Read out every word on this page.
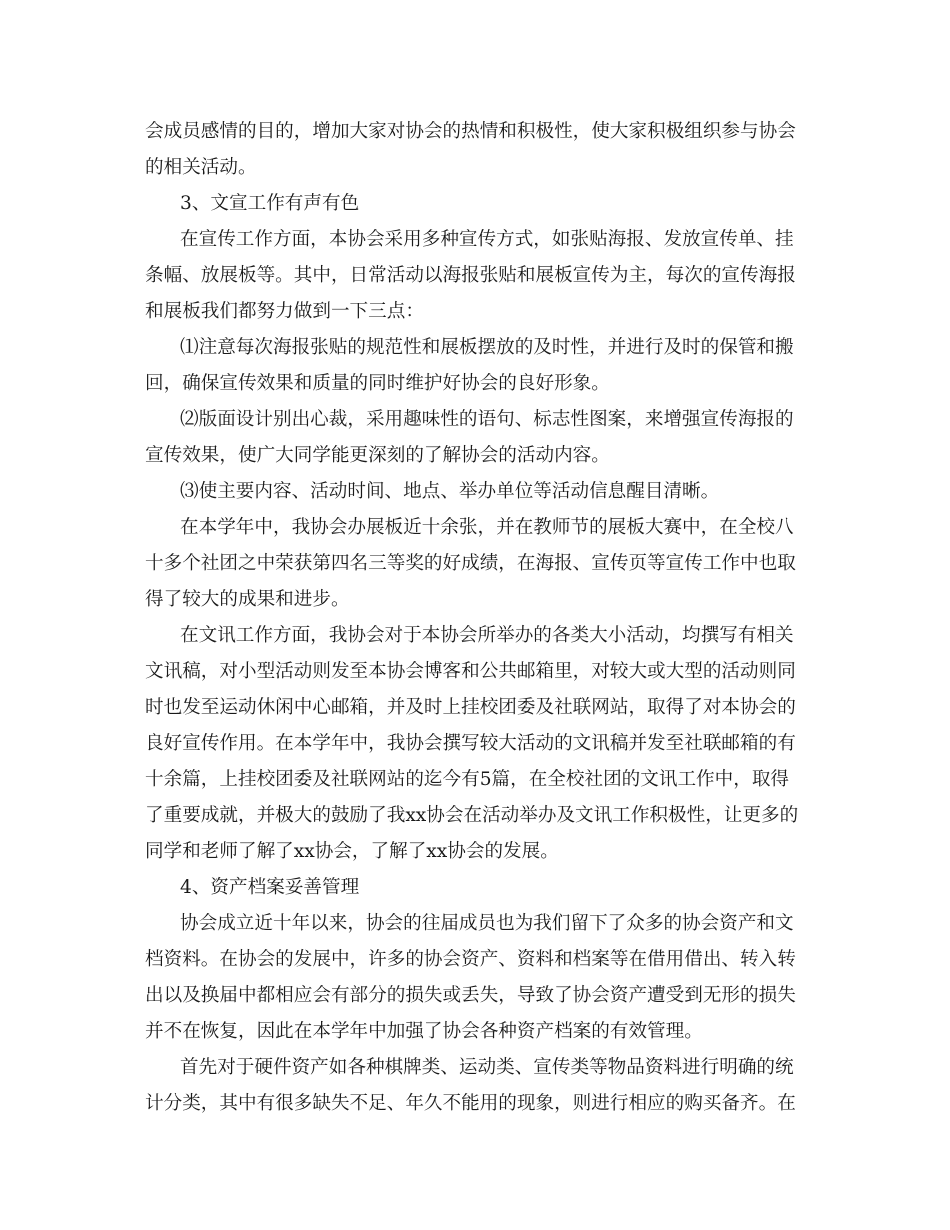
会成员感情的目的，增加大家对协会的热情和积极性，使大家积极组织参与协会
的相关活动。
3、文宣工作有声有色
在宣传工作方面，本协会采用多种宣传方式，如张贴海报、发放宣传单、挂
条幅、放展板等。其中，日常活动以海报张贴和展板宣传为主，每次的宣传海报
和展板我们都努力做到一下三点：
⑴注意每次海报张贴的规范性和展板摆放的及时性，并进行及时的保管和搬
回，确保宣传效果和质量的同时维护好协会的良好形象。
⑵版面设计别出心裁，采用趣味性的语句、标志性图案，来增强宣传海报的
宣传效果，使广大同学能更深刻的了解协会的活动内容。
⑶使主要内容、活动时间、地点、举办单位等活动信息醒目清晰。
在本学年中，我协会办展板近十余张，并在教师节的展板大赛中，在全校八
十多个社团之中荣获第四名三等奖的好成绩，在海报、宣传页等宣传工作中也取
得了较大的成果和进步。
在文讯工作方面，我协会对于本协会所举办的各类大小活动，均撰写有相关
文讯稿，对小型活动则发至本协会博客和公共邮箱里，对较大或大型的活动则同
时也发至运动休闲中心邮箱，并及时上挂校团委及社联网站，取得了对本协会的
良好宣传作用。在本学年中，我协会撰写较大活动的文讯稿并发至社联邮箱的有
十余篇，上挂校团委及社联网站的迄今有5篇，在全校社团的文讯工作中，取得
了重要成就，并极大的鼓励了我xx协会在活动举办及文讯工作积极性，让更多的
同学和老师了解了xx协会，了解了xx协会的发展。
4、资产档案妥善管理
协会成立近十年以来，协会的往届成员也为我们留下了众多的协会资产和文
档资料。在协会的发展中，许多的协会资产、资料和档案等在借用借出、转入转
出以及换届中都相应会有部分的损失或丢失，导致了协会资产遭受到无形的损失
并不在恢复，因此在本学年中加强了协会各种资产档案的有效管理。
首先对于硬件资产如各种棋牌类、运动类、宣传类等物品资料进行明确的统
计分类，其中有很多缺失不足、年久不能用的现象，则进行相应的购买备齐。在
